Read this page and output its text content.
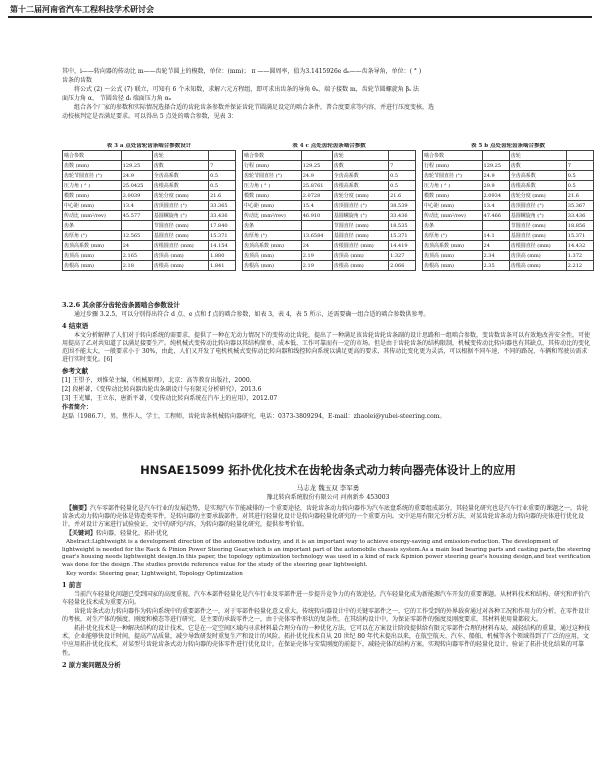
第十二届河南省汽车工程科技学术研讨会

其中，i——转向器的传动比 m——齿轮节圆上的模数，单位：(mm)； π ——圆周率，值为3.1415926e dₙ——齿条导角，单位：( ° )

齿条的齿数

将公式 (2) ～公式 (7) 联立，可知有 6 个未知数，求解六元方程组，即可求出齿条的导角 θₐ，端子接数 m，齿轮节圆螺旋角 βₛ 法

面压力角 α， 节圆齿径 dᵢ 端面压力角 αₙ

组合各个厂家的参数和实际情况选择合适的齿轮齿条参数并保证齿轮节圆满足设定的啮合条件，普合度要求等内容，并进行压度变核，选

动校核判定是否满足要求。可以得出 5 点处的啮合参数，见表 3：

表 3 a 点处齿轮齿条啮合参数设计
啮合参数		齿轮	
齿数 (mm)	129.25	齿数	7
齿轮节圆直径 (°)	24.9	全齿高系数	0.5
压力角 ( ° )	25.0425	齿根高系数	0.5
模数 (mm)	2.0039	齿轮分度 (mm)	21.6
中心距 (mm)	13.4	齿顶圆直径 (°)	33.365
传动比 (mm²/rev)	45.577	基圆螺旋角 (°)	33.436
齿条		节圆直径 (mm)	17.840
齿厚角 (°)	12.565	基圆直径 (mm)	15.371
齿顶高系数 (mm)	24	齿根圆直径 (mm)	14.154
齿顶高 (mm)	2.165	齿顶高 (mm)	1.880
齿根高 (mm)	2.18	齿根高 (mm)	1.841
表 4 c 点处齿轮齿条啮合参数
啮合参数		齿轮	
行程 (mm)	129.25	齿数	7
齿轮节圆直径 (°)	24.9	全齿高系数	0.5
压力角 ( ° )	25.8761	齿根高系数	0.5
模数 (mm)	2.0728	齿轮分度 (mm)	21.6
中心距 (mm)	15.4	齿顶圆直径 (°)	38.539
传动比 (mm²/rev)	46.910	基圆螺旋角 (°)	33.436
齿条		节圆直径 (mm)	18.535
齿厚角 (°)	13.6584	基圆直径 (mm)	15.371
齿顶高系数 (mm)	24	齿根圆直径 (mm)	14.419
齿顶高 (mm)	2.19	齿顶高 (mm)	1.327
齿根高 (mm)	2.19	齿根高 (mm)	2.066
表 5 b 点处齿轮齿条啮合参数
啮合参数		齿轮	
行程 (mm)	129.25	齿数	7
齿轮节圆直径 (°)	24.9	全齿高系数	0.5
压力角 ( ° )	29.9	齿根高系数	0.5
模数 (mm)	2.0934	齿轮分度 (mm)	21.6
中心距 (mm)	13.4	齿顶圆直径 (°)	35.367
传动比 (mm²/rev)	47.466	基圆螺旋角 (°)	33.436
齿条		节圆直径 (mm)	18.856
齿厚角 (°)	14.1	基圆直径 (mm)	15.371
齿顶高系数 (mm)	24	齿根圆直径 (mm)	14.432
齿顶高 (mm)	2.34	齿顶高 (mm)	1.372
齿根高 (mm)	2.35	齿根高 (mm)	2.212
3.2.6 其余部分齿轮齿条圆啮合参数设计

通过步骤 3.2.5，可以分别得出符合 d 点、e 点和 f 点的啮合参数，如表 3，表 4，表 5 所示，还需要确一组合适的啮合参数供参考。

4 结束语

本文分析解释了人们对于转向系统的需要求，提供了一种在无动力情况下的变传动比齿轮，提出了一种满足该齿轮齿轮齿条副的设计思路和一组啮合参数，变齿数齿条可以有效地改善安全性，可使用提高了乙对共知道了以满足接要生产。纯机械式变传动比转向器以其结构简单、成本低、工作可靠而有一定的市场。但是由于齿轮齿条的结构限制，机械变传动比转向器也有其缺点，其传动比的变化范围不能太大，一般要求小于 30%，由此，人们又开发了电机机械式变传动比转向器和线控转向系统以满足更高的要求，其传动比变化更为灵活，可以根据不同车速、不同的路况、车辆和驾驶员需求进行实时变化。[6]

参考文献

[1] 王望予，刘惟荣主编，《机械原理》，北京：高等教育出版社，2000.

[2] 段彬著，《变传动比转向器齿轮齿条副设计与有限元分析研究》，2013.6

[3] 王光耀，王立东，唐新平著，《变传动比转向系统在汽车上的应用》，2012.07

作者简介：

赵磊（1986.7），男，焦作人，学士，工程师，齿轮齿条机械转向器研究，电话：0373-3809294，E-mail：zhaolei@yubei-steering.com。

HNSAE15099 拓扑优化技术在齿轮齿条式动力转向器壳体设计上的应用
马志龙 魏玉双 李军勇
豫北转向系统股份有限公司 河南新乡 453003

【摘要】汽车零部件轻量化是汽车行业的发展趋势，是实现汽车节能减排的一个重要途径，齿轮齿条动力转向器作为汽车底盘系统的重要组成部分，其轻量化研究也是汽车行业重要的课题之一。齿轮齿条式动力转向器的壳体是铸造类零件，是转向器的主要承载部件，对其进行轻量化设计是转向器轻量化研究的一个重要方向。文中运用有限元分析方法，对某齿轮齿条动力转向器的壳体进行优化设计，并对设计方案进行试验验证，文中的研究内容，为转向器的轻量化研究，提供参考价值。

【关键词】转向器，轻量化，拓扑优化

Abstract:Lightweight is a development direction of the automotive industry, and it is an important way to achieve energy-saving and emission-reduction. The development of lightweight is needed for the Rack & Pinion Power Steering Gear,which is an important part of the automobile chassis system.As a main load bearing parts and casting parts,the steering gear's housing needs lightweight design.In this paper, the topology optimization technology was used in a kind of rack &pinion power steering gear's housing design,and test verification was done for the design .The studies provide reference value for the study of the steering gear lightweight.

Key words: Steering gear, Lightweight, Topology Optimization

1 前言

当前汽车轻量化问题已受到国家的高度重视，汽车本部件轻量化是汽车行业及零部件进一步提升竞争力的有效途径。汽车轻量化成为新能源汽车开发的重要课题。从材料技术和结构、研究和评价汽车轻量化技术成为重要方向。

齿轮齿条式动力转向器作为转向系统中的重要部件之一，对于零部件轻量化意义重大。传统转向器设计中的关键零部件之一，它的工作受到的外界载荷通过对各种工况和作用力的分析，在零件设计的考核，对生产体的强度、刚度和模态等进行研究，是主要的承载零件之一，由于壳体零件形状的复杂性，在其结构设计中，为保证零部件的强度及刚度要求，其材料使用量都较大。

拓扑优化技术是一种解决结构的设计技术，它是在一定空间区域内寻求材料最合理分布的一种优化方法，它可以在方案设计阶段提供给有限元零部件合理的材料布局，减轻结构的重量，通过这种技术，企业能够快设计时间，提高产品质量，减少导致研发时重复生产和设计的风险。拓扑优化技术自从 20 世纪 80 年代末提出以来，在航空航天、汽车、船舶、机械等各个领域得到了广泛的应用，文中应用拓扑优化技术，对某型号齿轮齿条式动力转向器的壳体零件进行优化设计，在保证壳体与安装刚度的前提下，减轻壳体的结构方案，实现转向器零件的轻量化设计，验证了拓扑优化结果的可靠性。

2 原方案问题及分析
